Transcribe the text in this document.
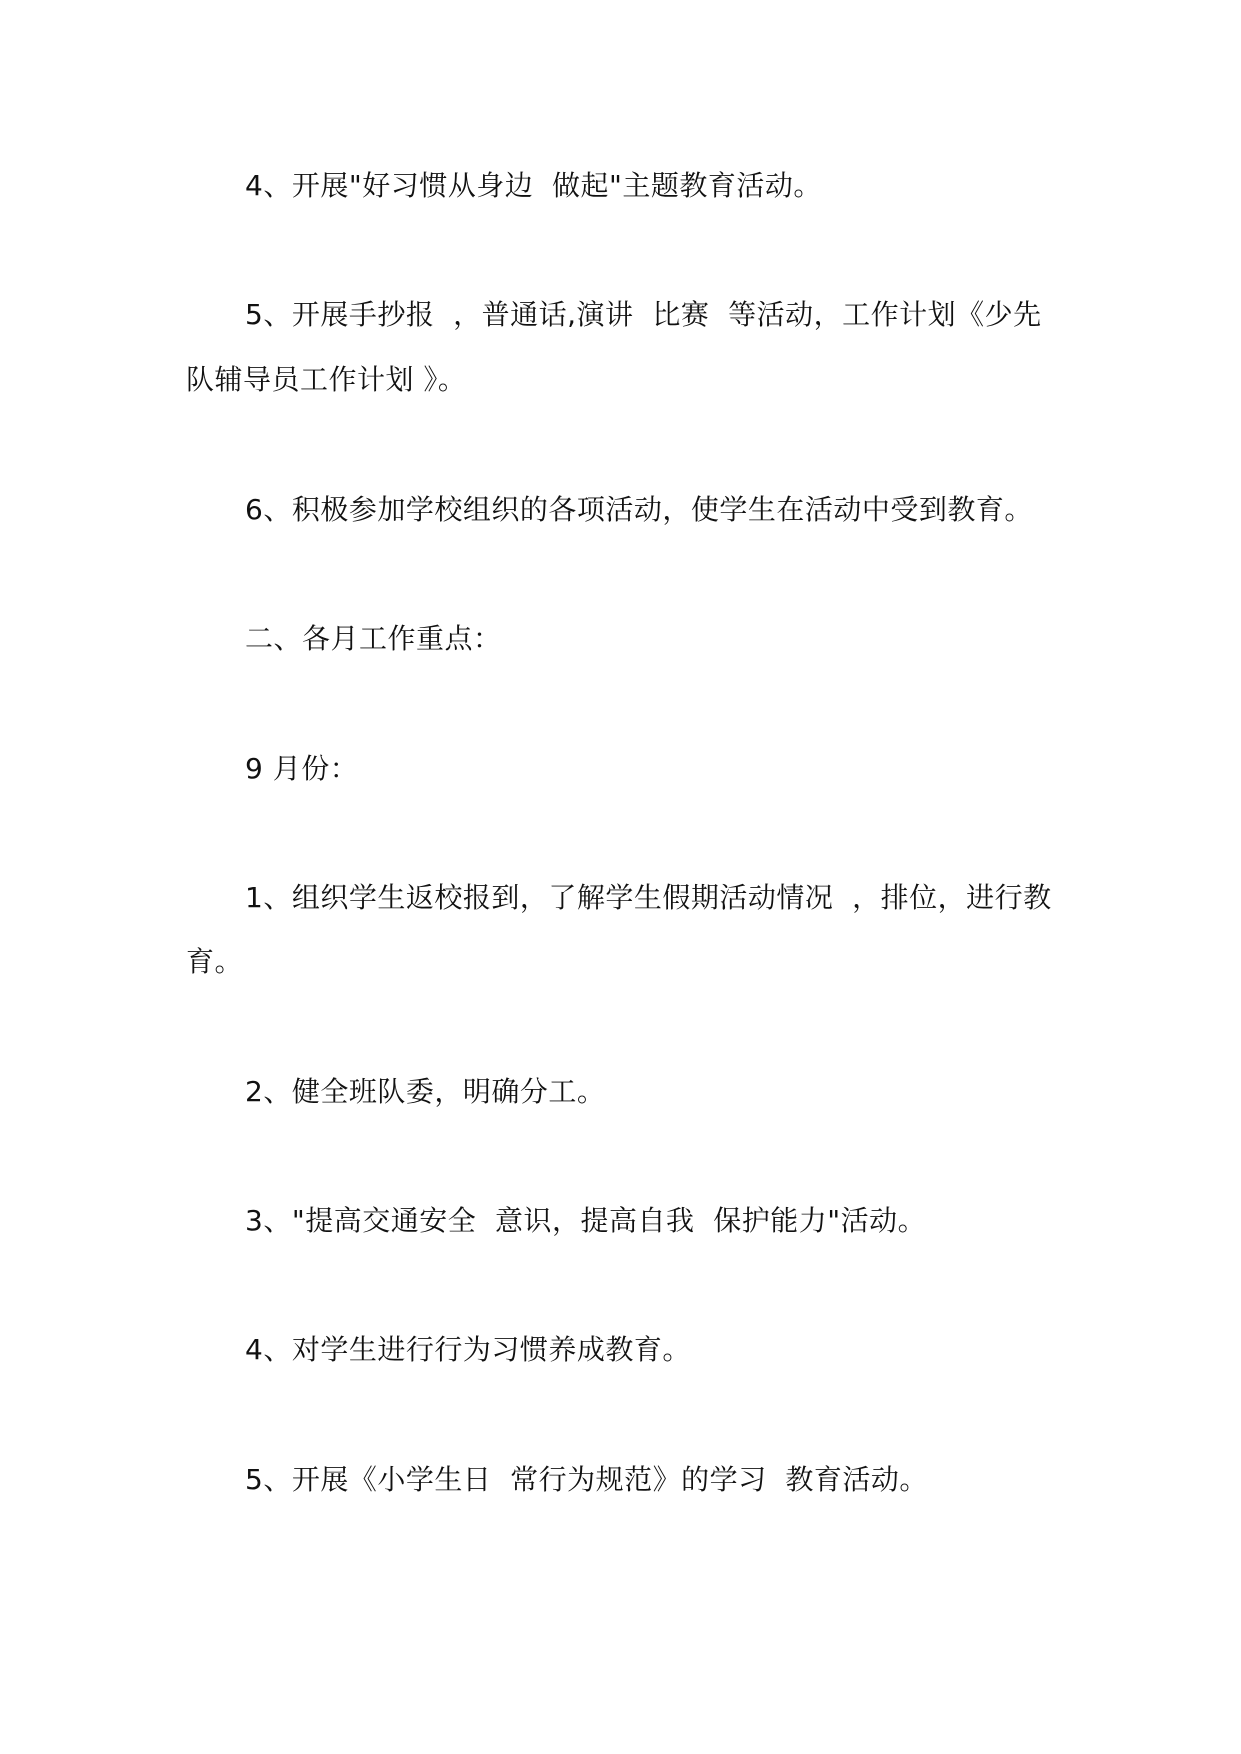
4、开展"好习惯从身边  做起"主题教育活动。
5、开展手抄报  ，普通话,演讲  比赛  等活动，工作计划《少先
队辅导员工作计划 》。
6、积极参加学校组织的各项活动，使学生在活动中受到教育。
二、各月工作重点：
9 月份：
1、组织学生返校报到，了解学生假期活动情况  ，排位，进行教
育。
2、健全班队委，明确分工。
3、"提高交通安全  意识，提高自我  保护能力"活动。
4、对学生进行行为习惯养成教育。
5、开展《小学生日  常行为规范》的学习  教育活动。
